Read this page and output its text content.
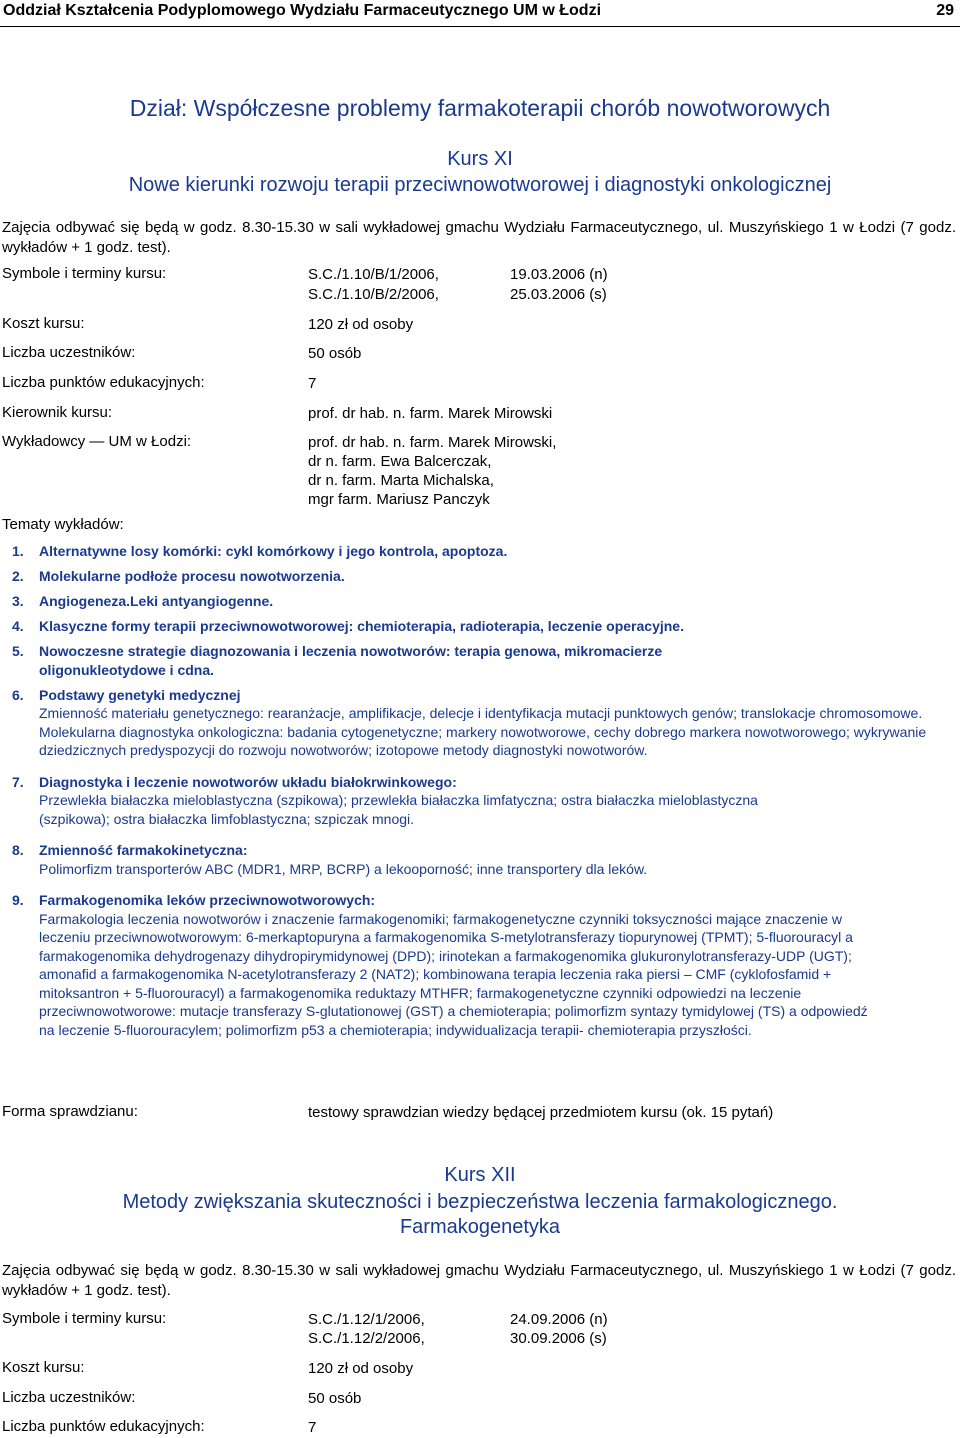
Oddział Kształcenia Podyplomowego Wydziału Farmaceutycznego UM w Łodzi	29
Dział: Współczesne problemy farmakoterapii chorób nowotworowych
Kurs XI
Nowe kierunki rozwoju terapii przeciwnowotworowej i diagnostyki onkologicznej
Zajęcia odbywać się będą w godz. 8.30-15.30 w sali wykładowej gmachu Wydziału Farmaceutycznego, ul. Muszyńskiego 1 w Łodzi (7 godz. wykładów + 1 godz. test).
Symbole i terminy kursu:	S.C./1.10/B/1/2006,	19.03.2006 (n)
S.C./1.10/B/2/2006,	25.03.2006 (s)
Koszt kursu:	120 zł od osoby
Liczba uczestników:	50 osób
Liczba punktów edukacyjnych:	7
Kierownik kursu:	prof. dr hab. n. farm. Marek Mirowski
Wykładowcy — UM w Łodzi:	prof. dr hab. n. farm. Marek Mirowski,
dr n. farm. Ewa Balcerczak,
dr n. farm. Marta Michalska,
mgr farm. Mariusz Panczyk
Tematy wykładów:
1. Alternatywne losy komórki: cykl komórkowy i jego kontrola, apoptoza.
2. Molekularne podłoże procesu nowotworzenia.
3. Angiogeneza.Leki antyangiogenne.
4. Klasyczne formy terapii przeciwnowotworowej: chemioterapia, radioterapia, leczenie operacyjne.
5. Nowoczesne strategie diagnozowania i leczenia nowotworów: terapia genowa, mikromacierze oligonukleotydowe i cdna.
6. Podstawy genetyki medycznej
Zmienność materiału genetycznego: rearanżacje, amplifikacje, delecje i identyfikacja mutacji punktowych genów; translokacje chromosomowe.
Molekularna diagnostyka onkologiczna: badania cytogenetyczne; markery nowotworowe, cechy dobrego markera nowotworowego; wykrywanie dziedzicznych predyspozycji do rozwoju nowotworów; izotopowe metody diagnostyki nowotworów.
7. Diagnostyka i leczenie nowotworów układu białokrwinkowego:
Przewlekła białaczka mieloblastyczna (szpikowa); przewlekła białaczka limfatyczna; ostra białaczka mieloblastyczna (szpikowa); ostra białaczka limfoblastyczna; szpiczak mnogi.
8. Zmienność farmakokinetyczna:
Polimorfizm transporterów ABC (MDR1, MRP, BCRP) a lekooporność; inne transportery dla leków.
9. Farmakogenomika leków przeciwnowotworowych:
Farmakologia leczenia nowotworów i znaczenie farmakogenomiki; farmakogenetyczne czynniki toksyczności mające znaczenie w leczeniu przeciwnowotworowym: 6-merkaptopuryna a farmakogenomika S-metylotransferazy tiopurynowej (TPMT); 5-fluorouracyl a farmakogenomika dehydrogenazy dihydropirymidynowej (DPD); irinotekan a farmakogenomika glukuronylotransferazy-UDP (UGT); amonafid a farmakogenomika N-acetylotransferazy 2 (NAT2); kombinowana terapia leczenia raka piersi – CMF (cyklofosfamid + mitoksantron + 5-fluorouracyl) a farmakogenomika reduktazy MTHFR; farmakogenetyczne czynniki odpowiedzi na leczenie przeciwnowotworowe: mutacje transferazy S-glutationowej (GST) a chemioterapia; polimorfizm syntazy tymidylowej (TS) a odpowiedź na leczenie 5-fluorouracylem; polimorfizm p53 a chemioterapia; indywidualizacja terapii- chemioterapia przyszłości.
Forma sprawdzianu:	testowy sprawdzian wiedzy będącej przedmiotem kursu (ok. 15 pytań)
Kurs XII
Metody zwiększania skuteczności i bezpieczeństwa leczenia farmakologicznego.
Farmakogenetyka
Zajęcia odbywać się będą w godz. 8.30-15.30 w sali wykładowej gmachu Wydziału Farmaceutycznego, ul. Muszyńskiego 1 w Łodzi (7 godz. wykładów + 1 godz. test).
Symbole i terminy kursu:	S.C./1.12/1/2006,	24.09.2006 (n)
S.C./1.12/2/2006,	30.09.2006 (s)
Koszt kursu:	120 zł od osoby
Liczba uczestników:	50 osób
Liczba punktów edukacyjnych:	7
